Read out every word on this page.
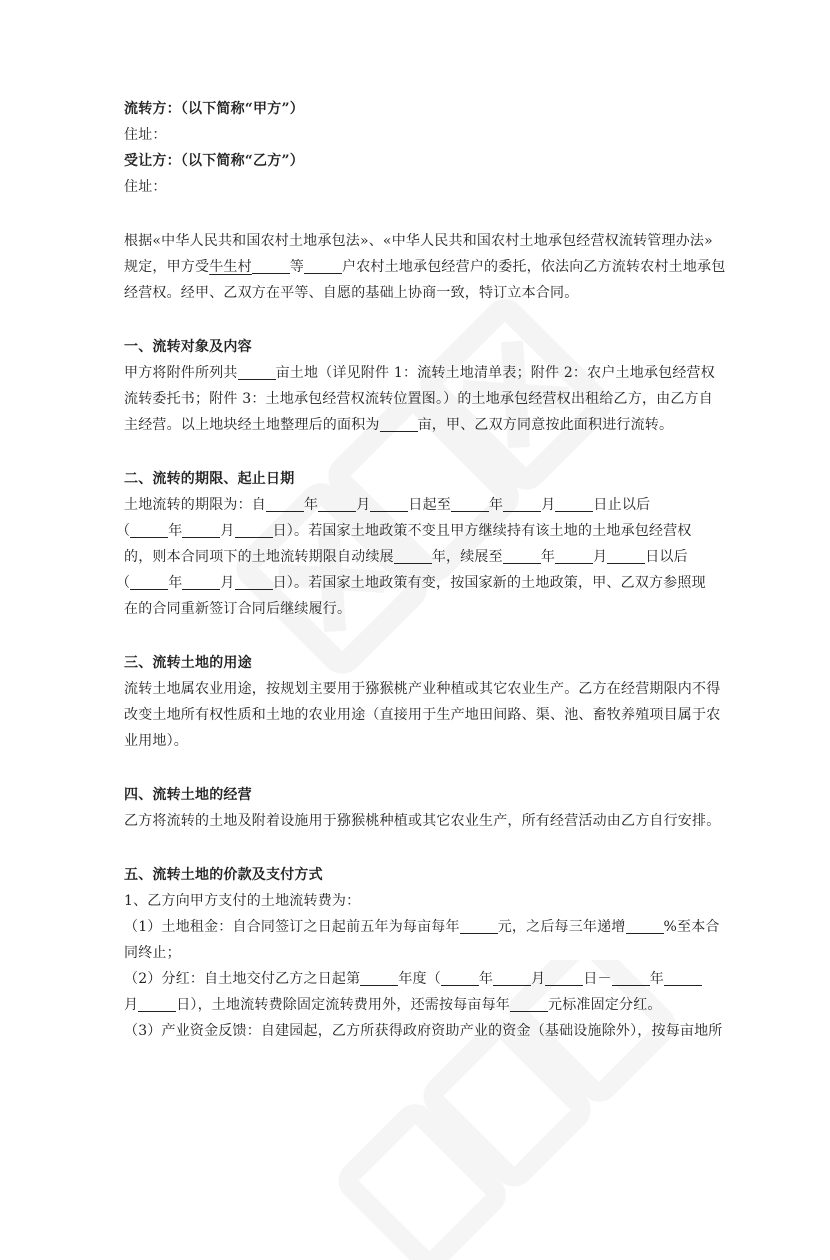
流转方：（以下简称“甲方”）
住址：
受让方：（以下简称“乙方”）
住址：
根据«中华人民共和国农村土地承包法»、«中华人民共和国农村土地承包经营权流转管理办法»
规定，甲方受牛生村	等	户农村土地承包经营户的委托，依法向乙方流转农村土地承包
经营权。经甲、乙双方在平等、自愿的基础上协商一致，特订立本合同。
一、流转对象及内容
甲方将附件所列共	亩土地（详见附件 1：流转土地清单表；附件 2：农户土地承包经营权
流转委托书；附件 3：土地承包经营权流转位置图。）的土地承包经营权出租给乙方，由乙方自
主经营。以上地块经土地整理后的面积为	亩，甲、乙双方同意按此面积进行流转。
二、流转的期限、起止日期
土地流转的期限为：自	年	月	日起至	年	月	日止以后
（	年	月	日）。若国家土地政策不变且甲方继续持有该土地的土地承包经营权
的，则本合同项下的土地流转期限自动续展	年，续展至	年	月	日以后
（	年	月	日）。若国家土地政策有变，按国家新的土地政策，甲、乙双方参照现
在的合同重新签订合同后继续履行。
三、流转土地的用途
流转土地属农业用途，按规划主要用于猕猴桃产业种植或其它农业生产。乙方在经营期限内不得
改变土地所有权性质和土地的农业用途（直接用于生产地田间路、渠、池、畜牧养殖项目属于农
业用地）。
四、流转土地的经营
乙方将流转的土地及附着设施用于猕猴桃种植或其它农业生产，所有经营活动由乙方自行安排。
五、流转土地的价款及支付方式
1、乙方向甲方支付的土地流转费为：
（1）土地租金：自合同签订之日起前五年为每亩每年	元，之后每三年递增	%至本合
同终止；
（2）分红：自土地交付乙方之日起第	年度（	年	月	日－	年
月	日），土地流转费除固定流转费用外，还需按每亩每年	元标准固定分红。
（3）产业资金反馈：自建园起，乙方所获得政府资助产业的资金（基础设施除外），按每亩地所
